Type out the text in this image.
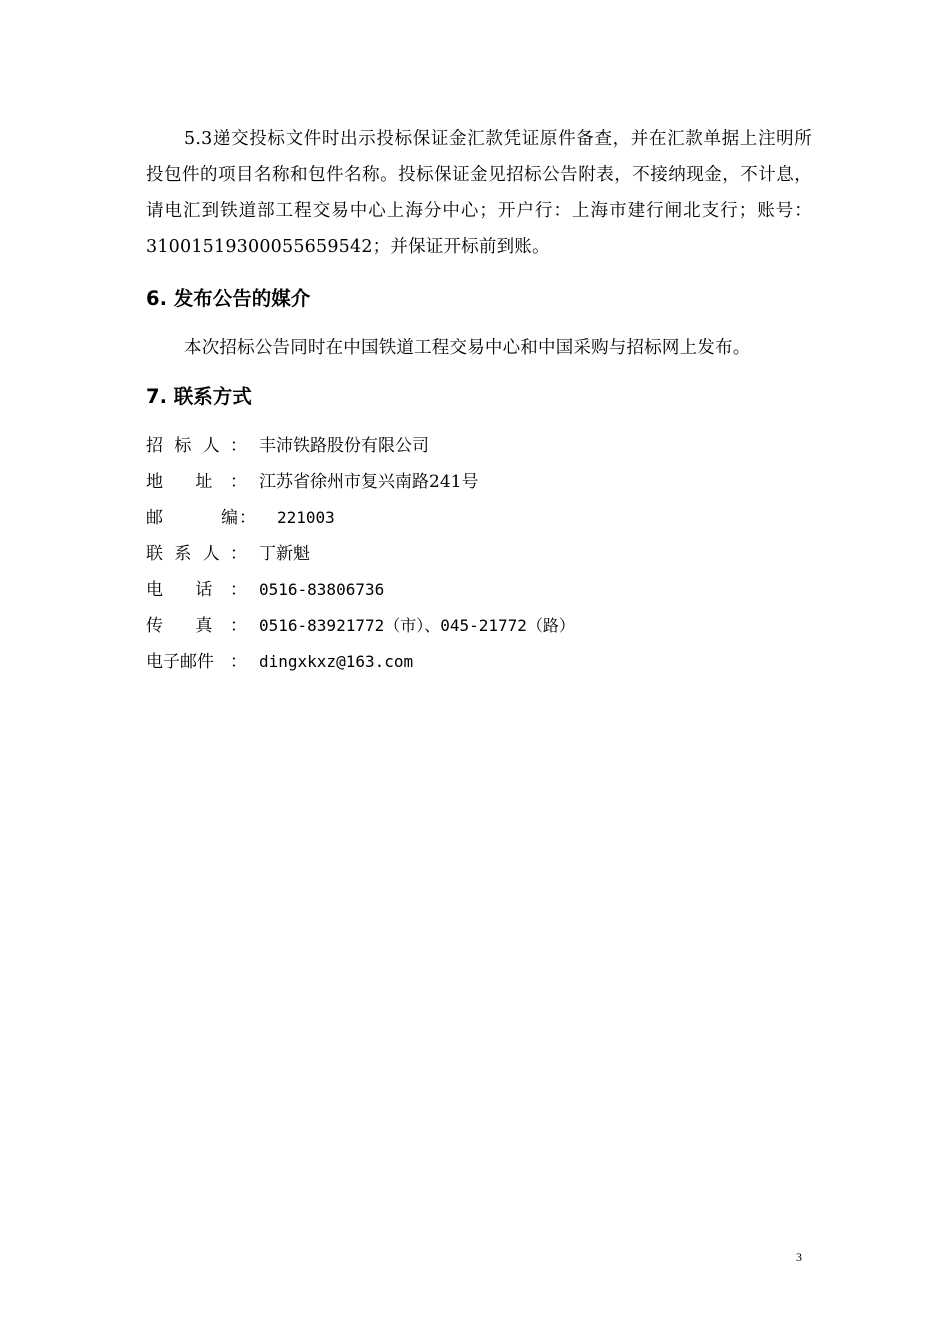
5.3递交投标文件时出示投标保证金汇款凭证原件备查，并在汇款单据上注明所投包件的项目名称和包件名称。投标保证金见招标公告附表，不接纳现金，不计息，请电汇到铁道部工程交易中心上海分中心；开户行：上海市建行闸北支行；账号：31001519300055659542；并保证开标前到账。

6. 发布公告的媒介

本次招标公告同时在中国铁道工程交易中心和中国采购与招标网上发布。

7. 联系方式
招 标 人 ： 丰沛铁路股份有限公司
地      址 ： 江苏省徐州市复兴南路241号
邮	编 ： 221003
联 系 人 ： 丁新魁
电      话 ： 0516-83806736
传      真 ： 0516-83921772（市）、045-21772（路）
电子邮件 ： dingxkxz@163.com
3
